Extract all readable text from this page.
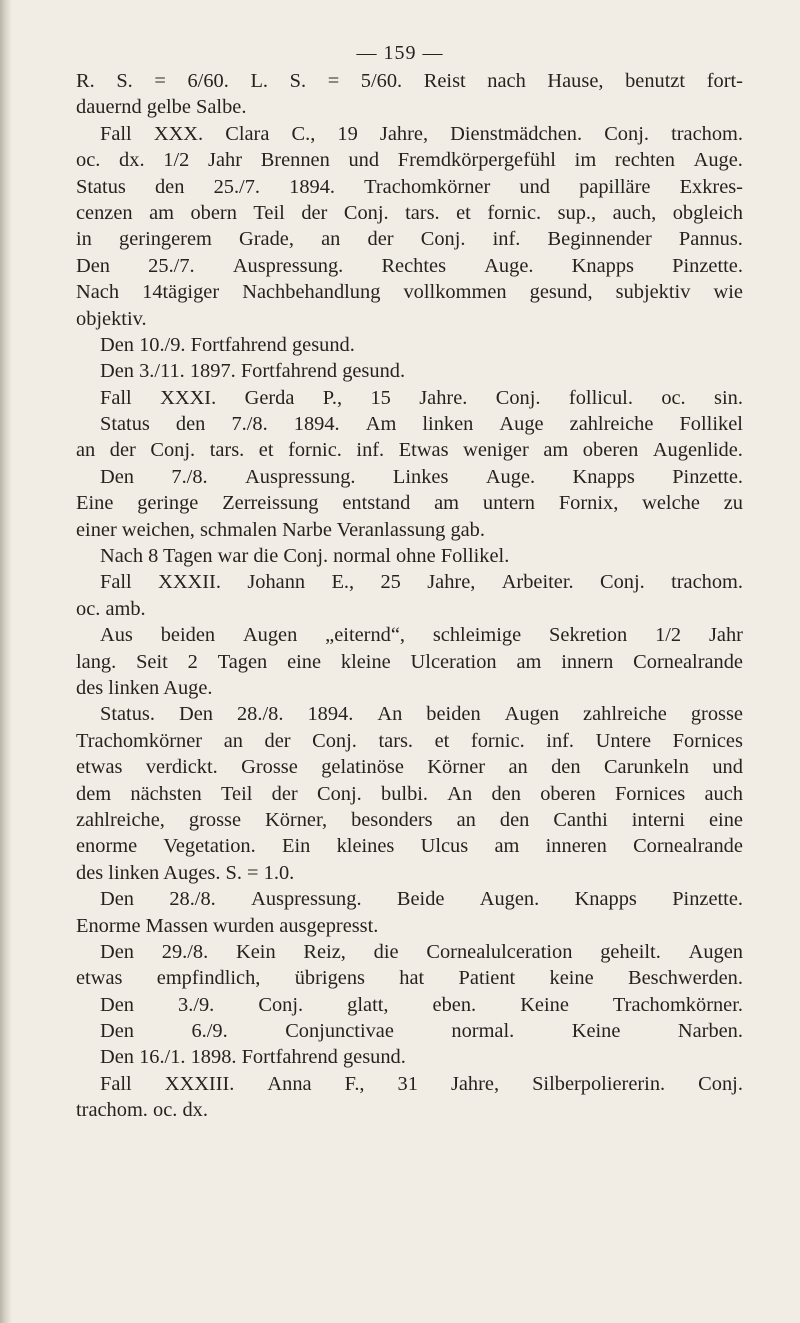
— 159 —
R. S. = 6/60. L. S. = 5/60. Reist nach Hause, benutzt fort-
dauernd gelbe Salbe.
Fall XXX. Clara C., 19 Jahre, Dienstmädchen. Conj. trachom.
oc. dx. 1/2 Jahr Brennen und Fremdkörpergefühl im rechten Auge.
Status den 25./7. 1894. Trachomkörner und papilläre Exkres-
cenzen am obern Teil der Conj. tars. et fornic. sup., auch, obgleich
in geringerem Grade, an der Conj. inf. Beginnender Pannus.
Den 25./7. Auspressung. Rechtes Auge. Knapps Pinzette.
Nach 14tägiger Nachbehandlung vollkommen gesund, subjektiv wie
objektiv.
Den 10./9. Fortfahrend gesund.
Den 3./11. 1897. Fortfahrend gesund.
Fall XXXI. Gerda P., 15 Jahre. Conj. follicul. oc. sin.
Status den 7./8. 1894. Am linken Auge zahlreiche Follikel
an der Conj. tars. et fornic. inf. Etwas weniger am oberen Augenlide.
Den 7./8. Auspressung. Linkes Auge. Knapps Pinzette.
Eine geringe Zerreissung entstand am untern Fornix, welche zu
einer weichen, schmalen Narbe Veranlassung gab.
Nach 8 Tagen war die Conj. normal ohne Follikel.
Fall XXXII. Johann E., 25 Jahre, Arbeiter. Conj. trachom.
oc. amb.
Aus beiden Augen „eiternd“, schleimige Sekretion 1/2 Jahr
lang. Seit 2 Tagen eine kleine Ulceration am innern Cornealrande
des linken Auge.
Status. Den 28./8. 1894. An beiden Augen zahlreiche grosse
Trachomkörner an der Conj. tars. et fornic. inf. Untere Fornices
etwas verdickt. Grosse gelatinöse Körner an den Carunkeln und
dem nächsten Teil der Conj. bulbi. An den oberen Fornices auch
zahlreiche, grosse Körner, besonders an den Canthi interni eine
enorme Vegetation. Ein kleines Ulcus am inneren Cornealrande
des linken Auges. S. = 1.0.
Den 28./8. Auspressung. Beide Augen. Knapps Pinzette.
Enorme Massen wurden ausgepresst.
Den 29./8. Kein Reiz, die Cornealulceration geheilt. Augen
etwas empfindlich, übrigens hat Patient keine Beschwerden.
Den 3./9. Conj. glatt, eben. Keine Trachomkörner.
Den	6./9.	Conjunctivae	normal.	Keine	Narben.
Den 16./1. 1898. Fortfahrend gesund.
Fall XXXIII. Anna F., 31 Jahre, Silberpoliererin. Conj.
trachom. oc. dx.
